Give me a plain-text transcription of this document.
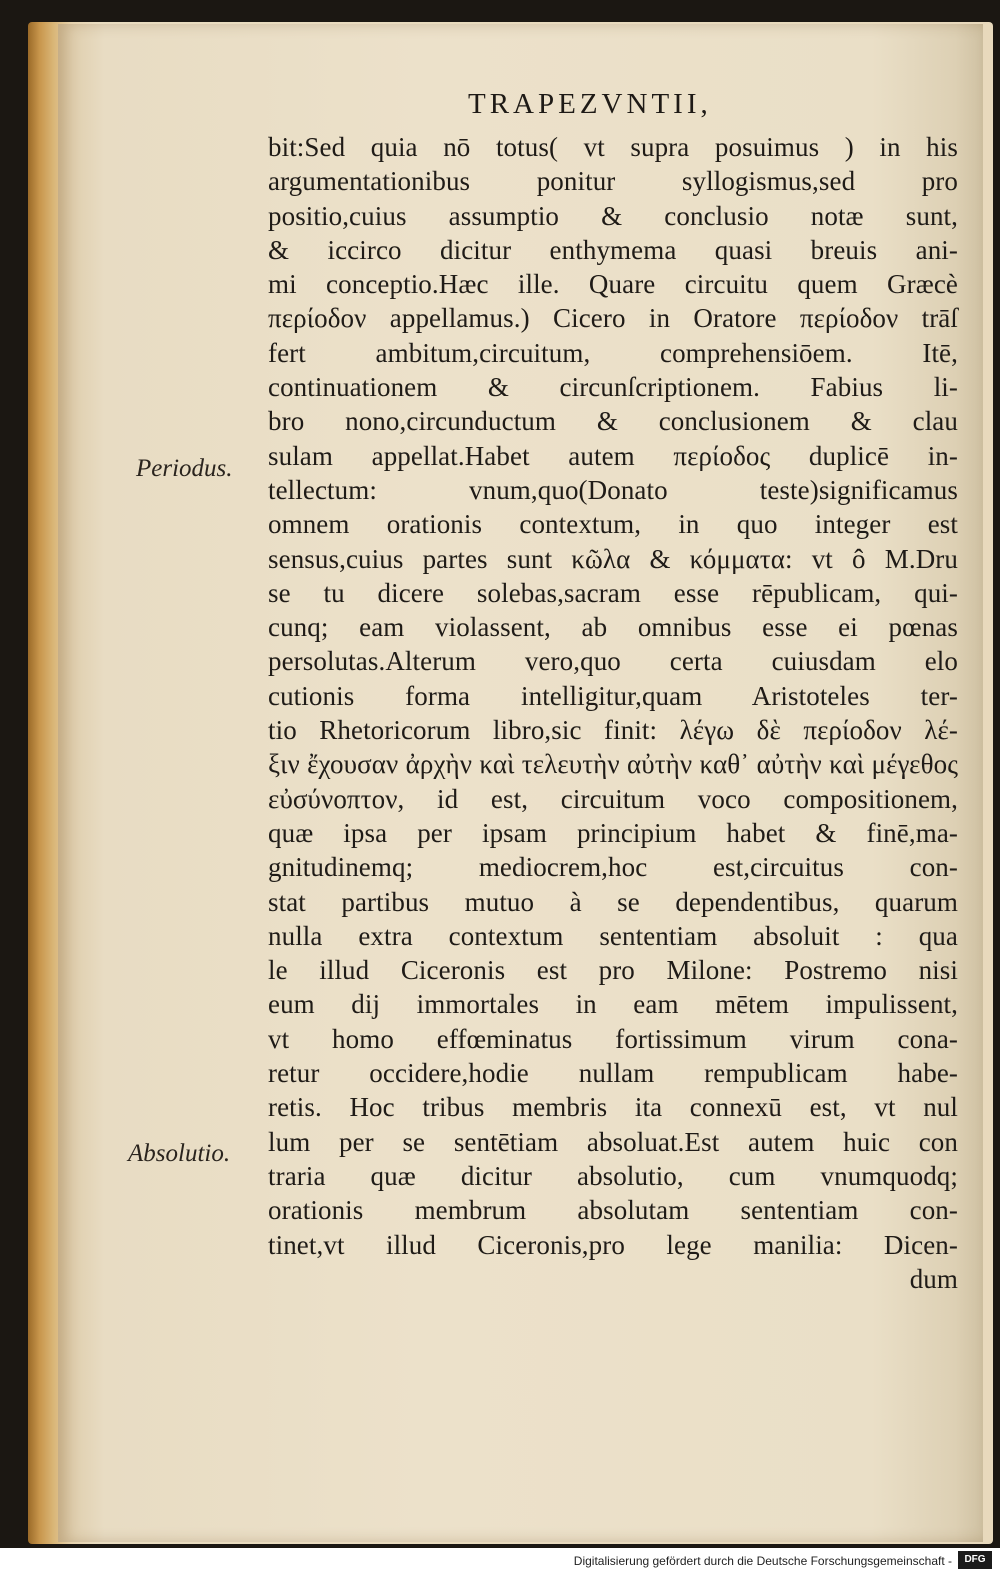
TRAPEZVNTII,
Periodus.
Absolutio.
bit:Sed quia nō totus( vt supra posuimus ) in his
argumentationibus ponitur syllogismus,sed pro
positio,cuius assumptio & conclusio notæ sunt,
& iccirco dicitur enthymema quasi breuis ani-
mi conceptio.Hæc ille. Quare circuitu quem Græcè
περίοδον appellamus.) Cicero in Oratore περίοδον trāſ
fert ambitum,circuitum, comprehensiōem. Itē,
continuationem & circunſcriptionem. Fabius li-
bro nono,circunductum & conclusionem & clau
sulam appellat.Habet autem περίοδος duplicē in-
tellectum: vnum,quo(Donato teste)significamus
omnem orationis contextum, in quo integer est
sensus,cuius partes sunt κῶλα & κόμματα: vt ô M.Dru
se tu dicere solebas,sacram esse rēpublicam, qui-
cunq; eam violassent, ab omnibus esse ei pœnas
persolutas.Alterum vero,quo certa cuiusdam elo
cutionis forma intelligitur,quam Aristoteles ter-
tio Rhetoricorum libro,sic finit: λέγω δὲ περίοδον λέ-
ξιν ἔχουσαν ἀρχὴν καὶ τελευτὴν αὐτὴν καθ᾽ αὐτὴν καὶ μέγεθος
εὐσύνοπτον, id est, circuitum voco compositionem,
quæ ipsa per ipsam principium habet & finē,ma-
gnitudinemq; mediocrem,hoc est,circuitus con-
stat partibus mutuo à se dependentibus, quarum
nulla extra contextum sententiam absoluit : qua
le illud Ciceronis est pro Milone: Postremo nisi
eum dij immortales in eam mētem impulissent,
vt homo effœminatus fortissimum virum cona-
retur occidere,hodie nullam rempublicam habe-
retis. Hoc tribus membris ita connexū est, vt nul
lum per se sentētiam absoluat.Est autem huic con
traria quæ dicitur absolutio, cum vnumquodq;
orationis membrum absolutam sententiam con-
tinet,vt illud Ciceronis,pro lege manilia: Dicen-
dum
Digitalisierung gefördert durch die Deutsche Forschungsgemeinschaft -	DFG
